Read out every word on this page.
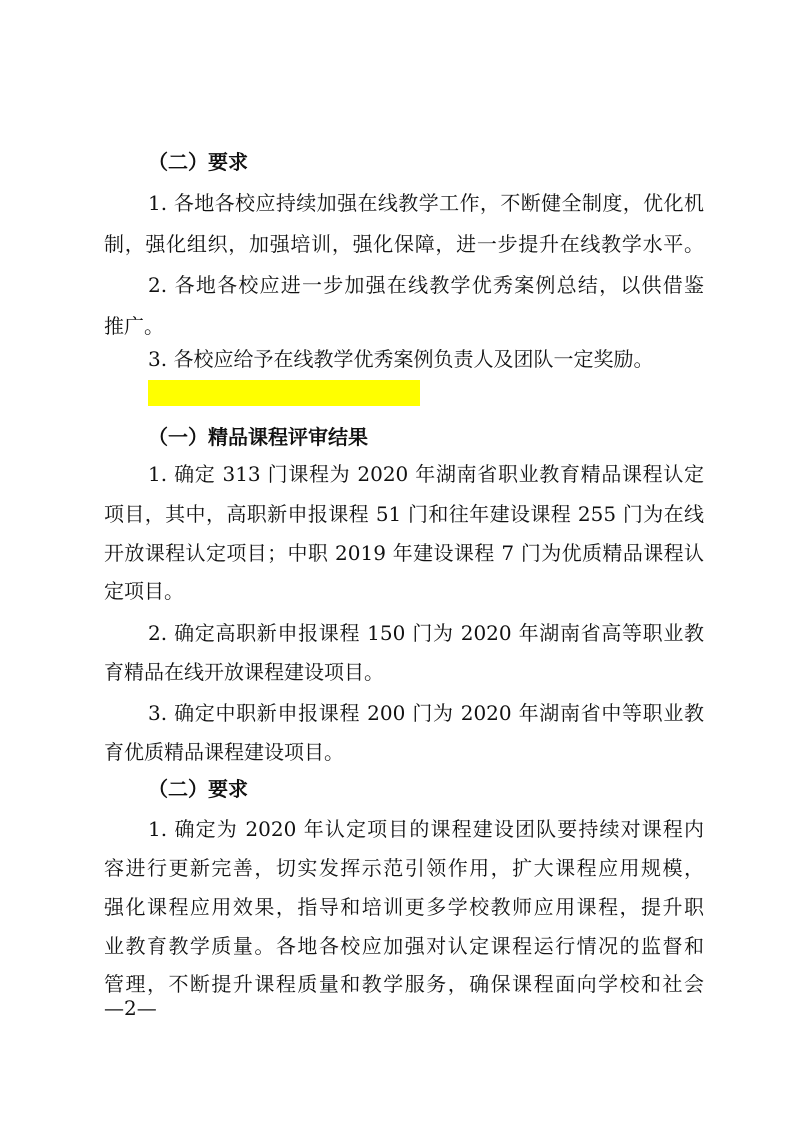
（二）要求
1. 各地各校应持续加强在线教学工作，不断健全制度，优化机
制，强化组织，加强培训，强化保障，进一步提升在线教学水平。
2. 各地各校应进一步加强在线教学优秀案例总结，以供借鉴
推广。
3. 各校应给予在线教学优秀案例负责人及团队一定奖励。
（一）精品课程评审结果
1. 确定 313 门课程为 2020 年湖南省职业教育精品课程认定
项目，其中，高职新申报课程 51 门和往年建设课程 255 门为在线
开放课程认定项目；中职 2019 年建设课程 7 门为优质精品课程认
定项目。
2. 确定高职新申报课程 150 门为 2020 年湖南省高等职业教
育精品在线开放课程建设项目。
3. 确定中职新申报课程 200 门为 2020 年湖南省中等职业教
育优质精品课程建设项目。
（二）要求
1. 确定为 2020 年认定项目的课程建设团队要持续对课程内
容进行更新完善，切实发挥示范引领作用，扩大课程应用规模，
强化课程应用效果，指导和培训更多学校教师应用课程，提升职
业教育教学质量。各地各校应加强对认定课程运行情况的监督和
管理，不断提升课程质量和教学服务，确保课程面向学校和社会
—2—
